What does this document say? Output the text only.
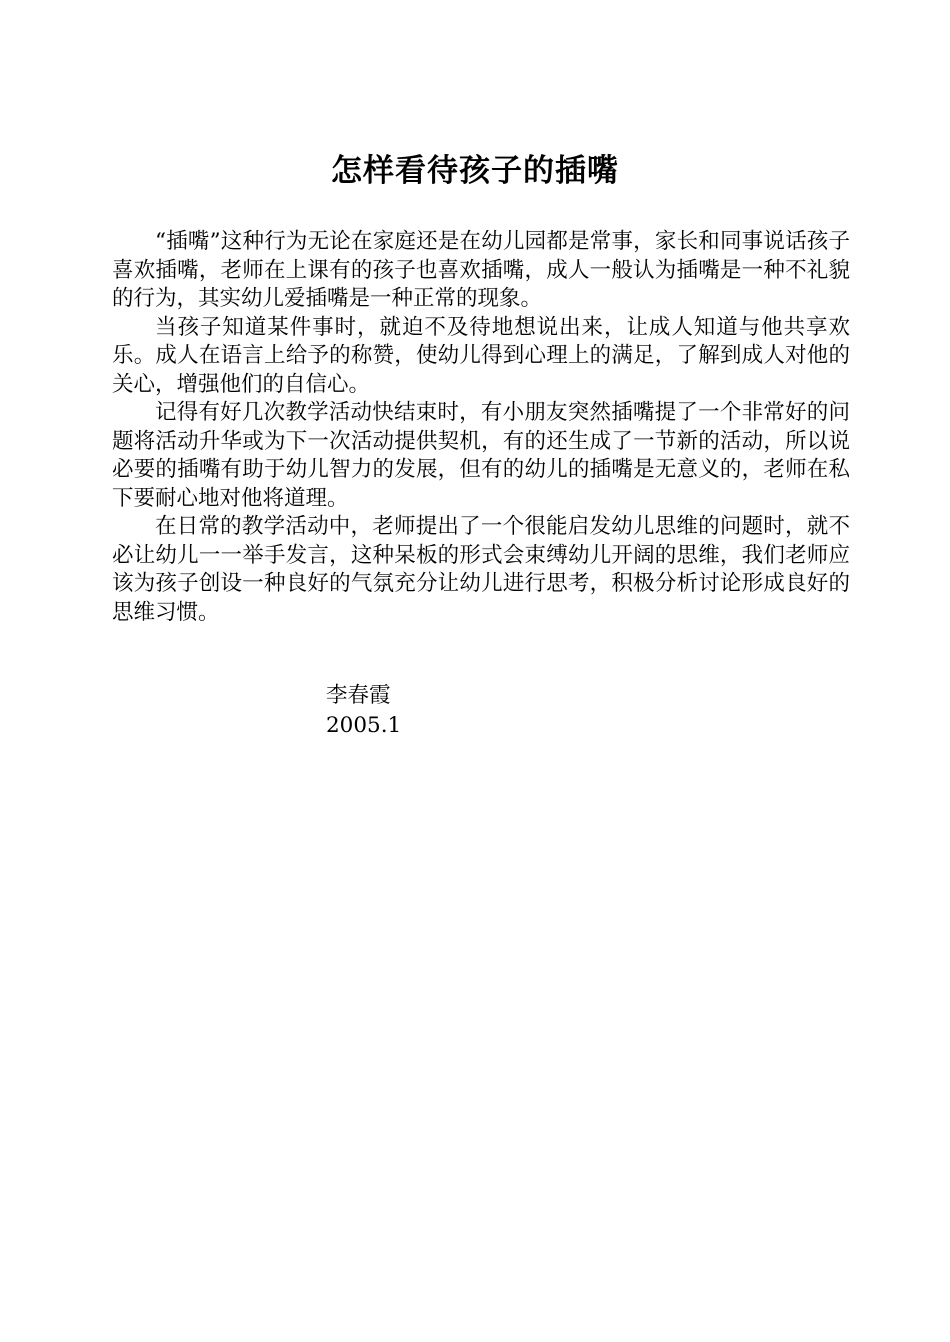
怎样看待孩子的插嘴

“插嘴”这种行为无论在家庭还是在幼儿园都是常事，家长和同事说话孩子喜欢插嘴，老师在上课有的孩子也喜欢插嘴，成人一般认为插嘴是一种不礼貌的行为，其实幼儿爱插嘴是一种正常的现象。

当孩子知道某件事时，就迫不及待地想说出来，让成人知道与他共享欢乐。成人在语言上给予的称赞，使幼儿得到心理上的满足，了解到成人对他的关心，增强他们的自信心。

记得有好几次教学活动快结束时，有小朋友突然插嘴提了一个非常好的问题将活动升华或为下一次活动提供契机，有的还生成了一节新的活动，所以说必要的插嘴有助于幼儿智力的发展，但有的幼儿的插嘴是无意义的，老师在私下要耐心地对他将道理。

在日常的教学活动中，老师提出了一个很能启发幼儿思维的问题时，就不必让幼儿一一举手发言，这种呆板的形式会束缚幼儿开阔的思维，我们老师应该为孩子创设一种良好的气氛充分让幼儿进行思考，积极分析讨论形成良好的思维习惯。

李春霞
2005.1
